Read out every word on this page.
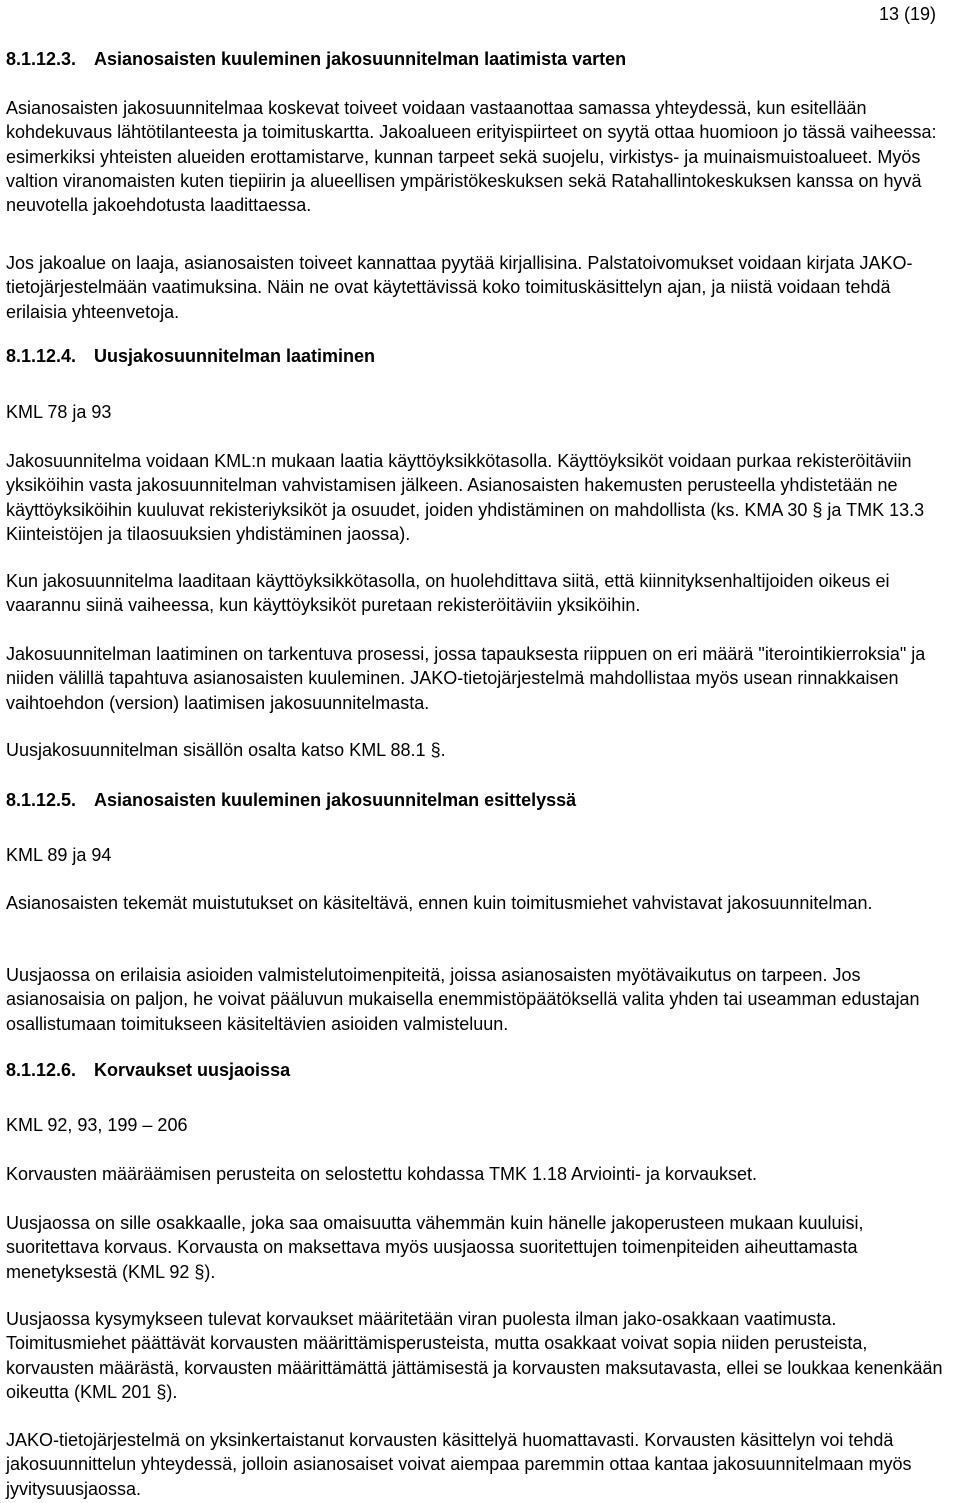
13 (19)
8.1.12.3. Asianosaisten kuuleminen jakosuunnitelman laatimista varten

Asianosaisten jakosuunnitelmaa koskevat toiveet voidaan vastaanottaa samassa yhteydessä, kun esitellään kohdekuvaus lähtötilanteesta ja toimituskartta. Jakoalueen erityispiirteet on syytä ottaa huomioon jo tässä vaiheessa: esimerkiksi yhteisten alueiden erottamistarve, kunnan tarpeet sekä suojelu, virkistys- ja muinaismuistoalueet. Myös valtion viranomaisten kuten tiepiirin ja alueellisen ympäristökeskuksen sekä Ratahallintokeskuksen kanssa on hyvä neuvotella jakoehdotusta laadittaessa.

Jos jakoalue on laaja, asianosaisten toiveet kannattaa pyytää kirjallisina. Palstatoivomukset voidaan kirjata JAKO-tietojärjestelmään vaatimuksina. Näin ne ovat käytettävissä koko toimituskäsittelyn ajan, ja niistä voidaan tehdä erilaisia yhteenvetoja.

8.1.12.4. Uusjakosuunnitelman laatiminen

KML 78 ja 93

Jakosuunnitelma voidaan KML:n mukaan laatia käyttöyksikkötasolla. Käyttöyksiköt voidaan purkaa rekisteröitäviin yksiköihin vasta jakosuunnitelman vahvistamisen jälkeen. Asianosaisten hakemusten perusteella yhdistetään ne käyttöyksiköihin kuuluvat rekisteriyksiköt ja osuudet, joiden yhdistäminen on mahdollista (ks. KMA 30 § ja TMK 13.3 Kiinteistöjen ja tilaosuuksien yhdistäminen jaossa).

Kun jakosuunnitelma laaditaan käyttöyksikkötasolla, on huolehdittava siitä, että kiinnityksenhaltijoiden oikeus ei vaarannu siinä vaiheessa, kun käyttöyksiköt puretaan rekisteröitäviin yksiköihin.

Jakosuunnitelman laatiminen on tarkentuva prosessi, jossa tapauksesta riippuen on eri määrä "iterointikierroksia" ja niiden välillä tapahtuva asianosaisten kuuleminen. JAKO-tietojärjestelmä mahdollistaa myös usean rinnakkaisen vaihtoehdon (version) laatimisen jakosuunnitelmasta.

Uusjakosuunnitelman sisällön osalta katso KML 88.1 §.

8.1.12.5. Asianosaisten kuuleminen jakosuunnitelman esittelyssä

KML 89 ja 94

Asianosaisten tekemät muistutukset on käsiteltävä, ennen kuin toimitusmiehet vahvistavat jakosuunnitelman.

Uusjaossa on erilaisia asioiden valmistelutoimenpiteitä, joissa asianosaisten myötävaikutus on tarpeen. Jos asianosaisia on paljon, he voivat pääluvun mukaisella enemmistöpäätöksellä valita yhden tai useamman edustajan osallistumaan toimitukseen käsiteltävien asioiden valmisteluun.

8.1.12.6. Korvaukset uusjaoissa

KML 92, 93, 199 – 206

Korvausten määräämisen perusteita on selostettu kohdassa TMK 1.18 Arviointi- ja korvaukset.

Uusjaossa on sille osakkaalle, joka saa omaisuutta vähemmän kuin hänelle jakoperusteen mukaan kuuluisi, suoritettava korvaus. Korvausta on maksettava myös uusjaossa suoritettujen toimenpiteiden aiheuttamasta menetyksestä (KML 92 §).

Uusjaossa kysymykseen tulevat korvaukset määritetään viran puolesta ilman jako-osakkaan vaatimusta. Toimitusmiehet päättävät korvausten määrittämisperusteista, mutta osakkaat voivat sopia niiden perusteista, korvausten määrästä, korvausten määrittämättä jättämisestä ja korvausten maksutavasta, ellei se loukkaa kenenkään oikeutta (KML 201 §).

JAKO-tietojärjestelmä on yksinkertaistanut korvausten käsittelyä huomattavasti. Korvausten käsittelyn voi tehdä jakosuunnittelun yhteydessä, jolloin asianosaiset voivat aiempaa paremmin ottaa kantaa jakosuunnitelmaan myös jyvitysuusjaossa.
